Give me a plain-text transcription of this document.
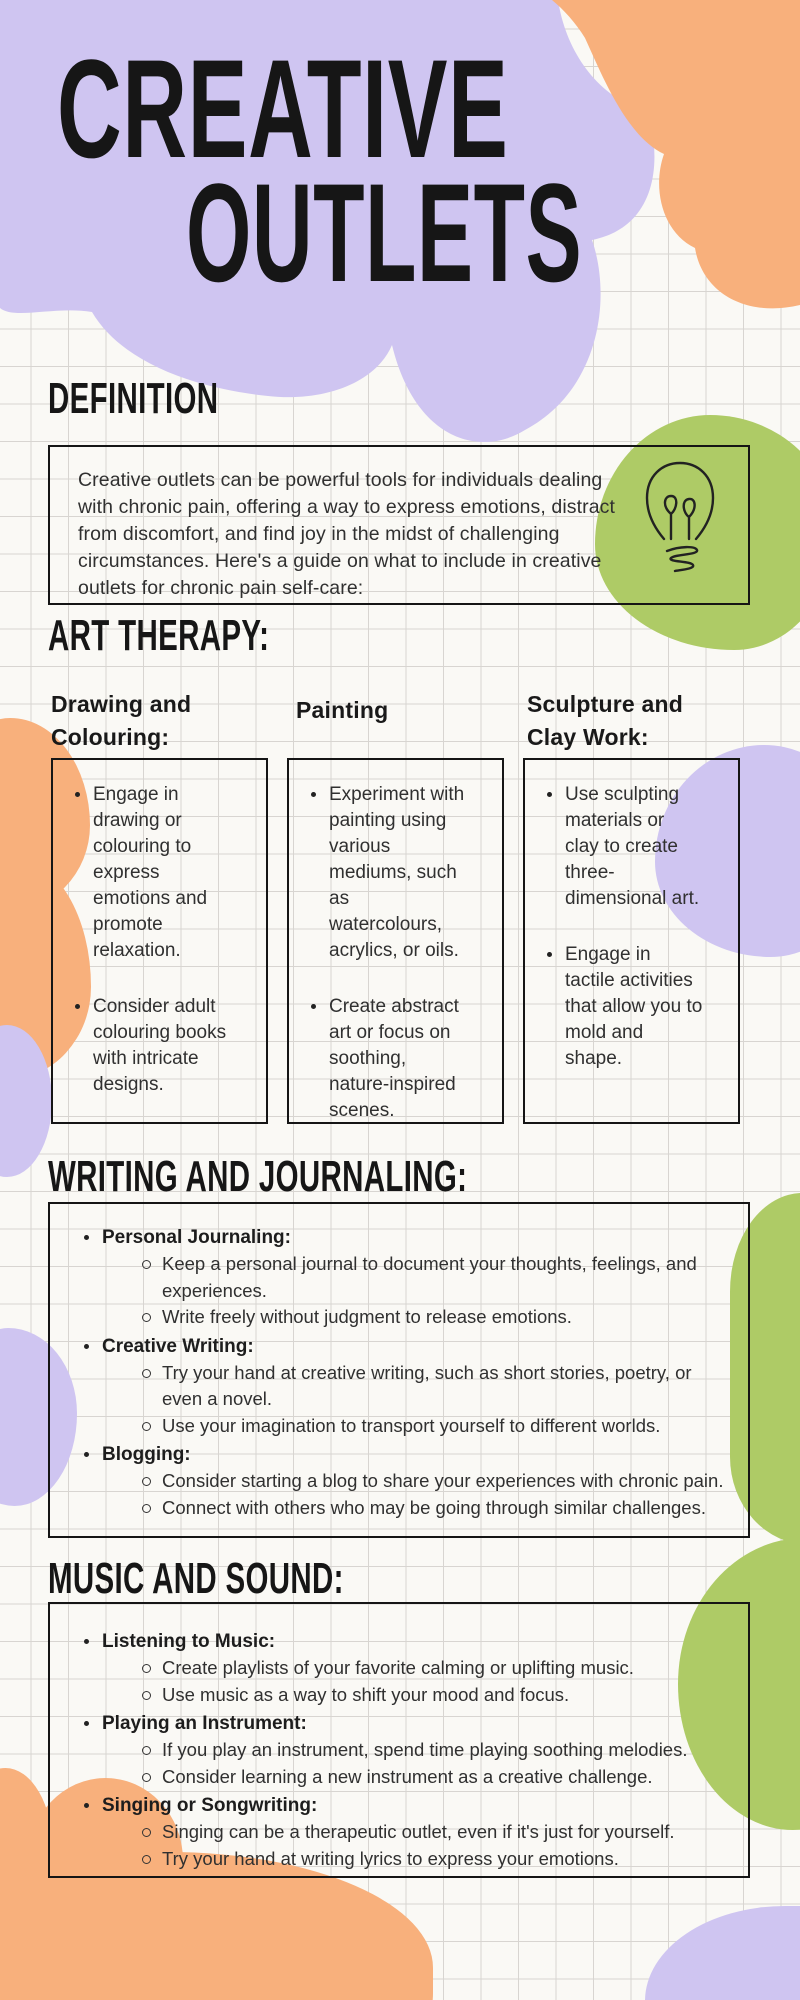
CREATIVE
OUTLETS
DEFINITION
Creative outlets can be powerful tools for individuals dealing with chronic pain, offering a way to express emotions, distract from discomfort, and find joy in the midst of challenging circumstances. Here's a guide on what to include in creative outlets for chronic pain self-care:
ART THERAPY:
Drawing and Colouring:
Painting	Sculpture and Clay Work:
Engage in drawing or colouring to express emotions and promote relaxation.
Consider adult colouring books with intricate designs.
Experiment with painting using various mediums, such as watercolours, acrylics, or oils.
Create abstract art or focus on soothing, nature-inspired scenes.
Use sculpting materials or clay to create three-dimensional art.
Engage in tactile activities that allow you to mold and shape.
WRITING AND JOURNALING:
Personal Journaling:
Keep a personal journal to document your thoughts, feelings, and experiences.
Write freely without judgment to release emotions.
Creative Writing:
Try your hand at creative writing, such as short stories, poetry, or even a novel.
Use your imagination to transport yourself to different worlds.
Blogging:
Consider starting a blog to share your experiences with chronic pain.
Connect with others who may be going through similar challenges.
MUSIC AND SOUND:
Listening to Music:
Create playlists of your favorite calming or uplifting music.
Use music as a way to shift your mood and focus.
Playing an Instrument:
If you play an instrument, spend time playing soothing melodies.
Consider learning a new instrument as a creative challenge.
Singing or Songwriting:
Singing can be a therapeutic outlet, even if it's just for yourself.
Try your hand at writing lyrics to express your emotions.
